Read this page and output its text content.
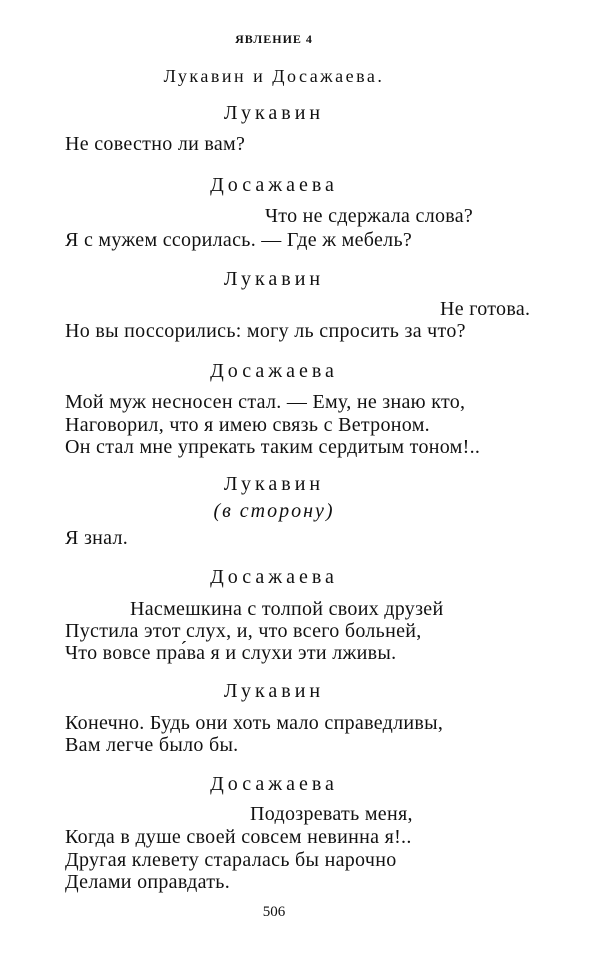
ЯВЛЕНИЕ 4
Лукавин и Досажаева.
Лукавин
Не совестно ли вам?
Досажаева
Что не сдержала слова?
Я с мужем ссорилась. — Где ж мебель?
Лукавин
Не готова.
Но вы поссорились: могу ль спросить за что?
Досажаева
Мой муж несносен стал. — Ему, не знаю кто,
Наговорил, что я имею связь с Ветроном.
Он стал мне упрекать таким сердитым тоном!..
Лукавин
(в сторону)
Я знал.
Досажаева
Насмешкина с толпой своих друзей
Пустила этот слух, и, что всего больней,
Что вовсе пра́ва я и слухи эти лживы.
Лукавин
Конечно. Будь они хоть мало справедливы,
Вам легче было бы.
Досажаева
Подозревать меня,
Когда в душе своей совсем невинна я!..
Другая клевету старалась бы нарочно
Делами оправдать.
506
